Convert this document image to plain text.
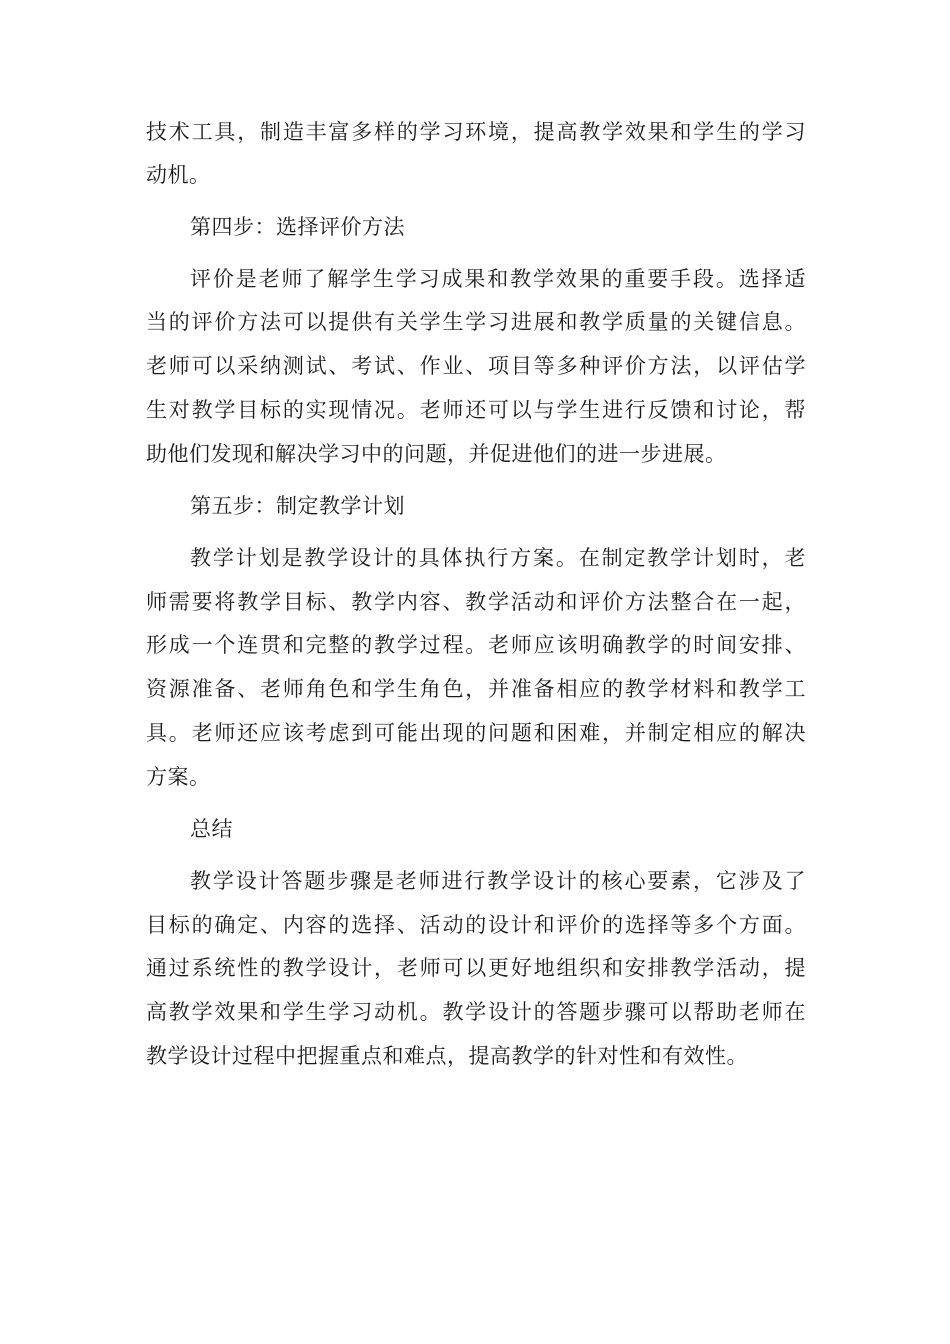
技术工具，制造丰富多样的学习环境，提高教学效果和学生的学习
动机。
第四步：选择评价方法
评价是老师了解学生学习成果和教学效果的重要手段。选择适
当的评价方法可以提供有关学生学习进展和教学质量的关键信息。
老师可以采纳测试、考试、作业、项目等多种评价方法，以评估学
生对教学目标的实现情况。老师还可以与学生进行反馈和讨论，帮
助他们发现和解决学习中的问题，并促进他们的进一步进展。
第五步：制定教学计划
教学计划是教学设计的具体执行方案。在制定教学计划时，老
师需要将教学目标、教学内容、教学活动和评价方法整合在一起，
形成一个连贯和完整的教学过程。老师应该明确教学的时间安排、
资源准备、老师角色和学生角色，并准备相应的教学材料和教学工
具。老师还应该考虑到可能出现的问题和困难，并制定相应的解决
方案。
总结
教学设计答题步骤是老师进行教学设计的核心要素，它涉及了
目标的确定、内容的选择、活动的设计和评价的选择等多个方面。
通过系统性的教学设计，老师可以更好地组织和安排教学活动，提
高教学效果和学生学习动机。教学设计的答题步骤可以帮助老师在
教学设计过程中把握重点和难点，提高教学的针对性和有效性。
